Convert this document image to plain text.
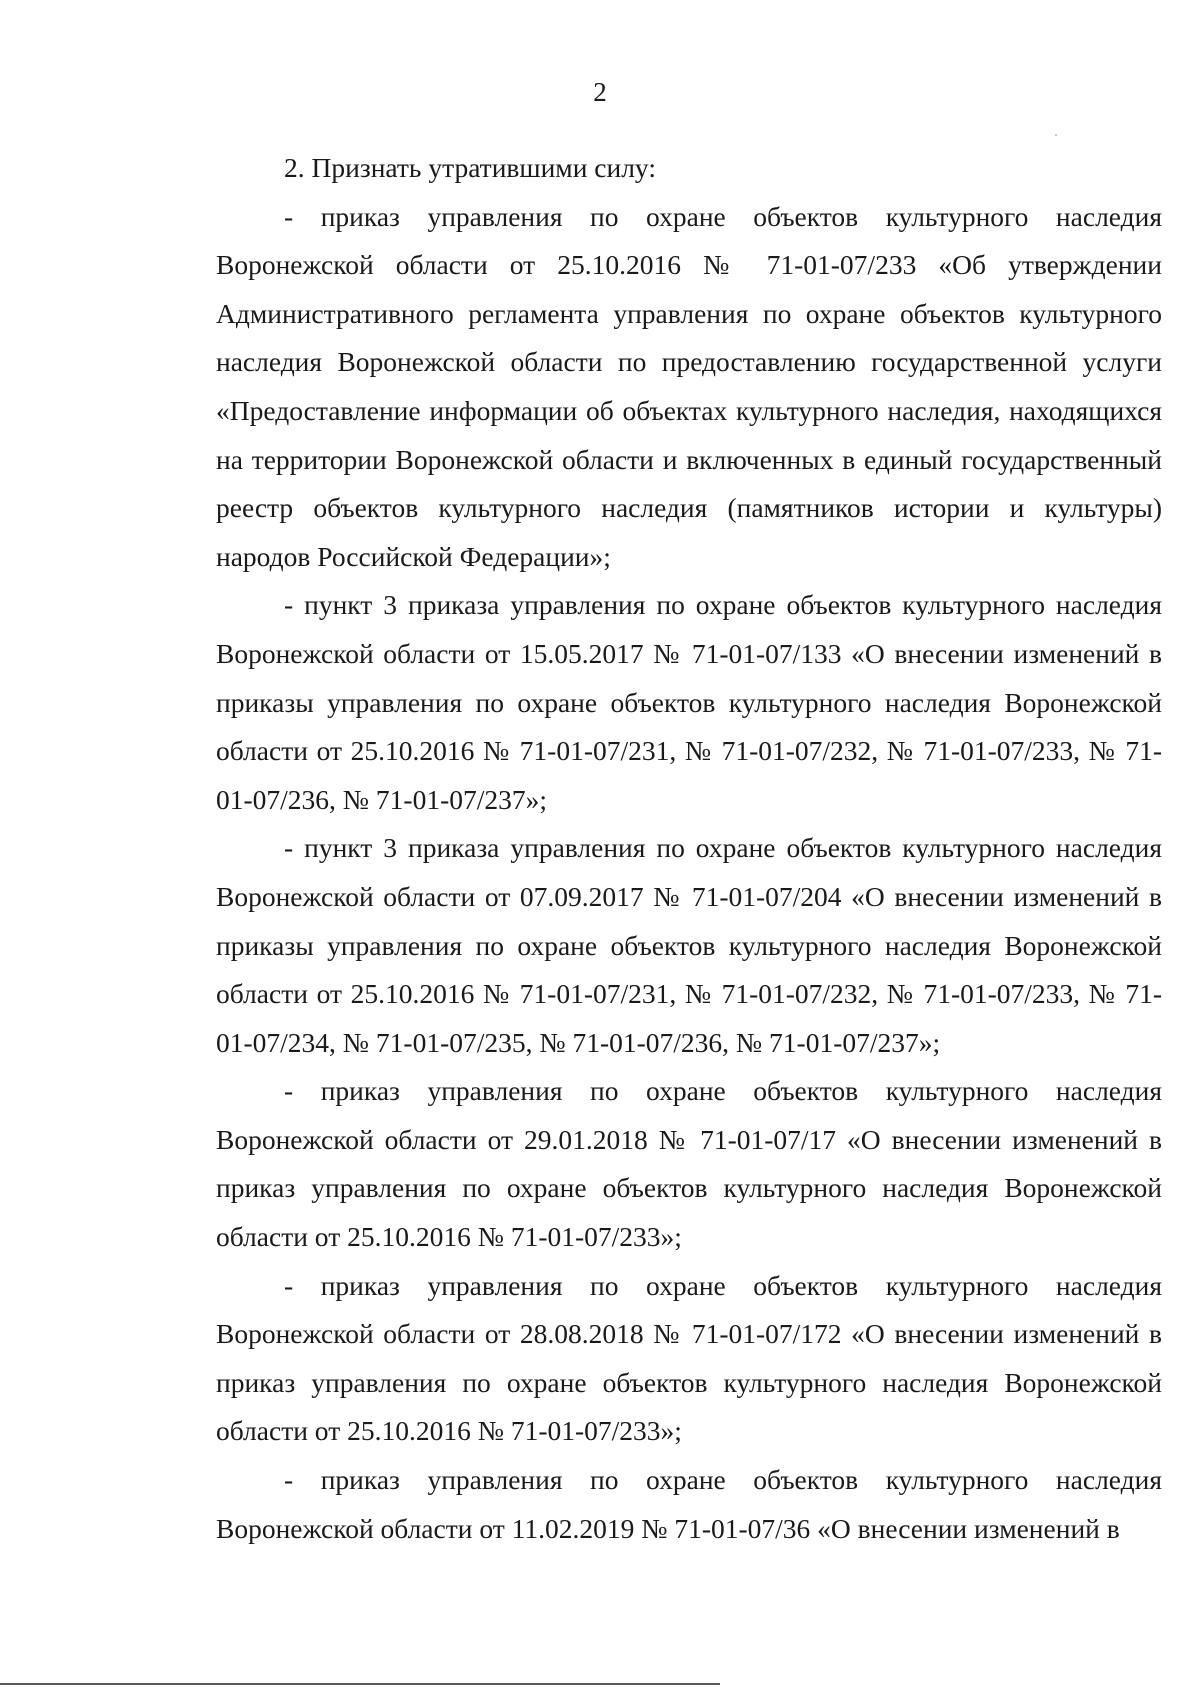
2

2. Признать утратившими силу:

- приказ управления по охране объектов культурного наследия Воронежской области от 25.10.2016 № 71-01-07/233 «Об утверждении Административного регламента управления по охране объектов культурного наследия Воронежской области по предоставлению государственной услуги «Предоставление информации об объектах культурного наследия, находящихся на территории Воронежской области и включенных в единый государственный реестр объектов культурного наследия (памятников истории и культуры) народов Российской Федерации»;

- пункт 3 приказа управления по охране объектов культурного наследия Воронежской области от 15.05.2017 № 71-01-07/133 «О внесении изменений в приказы управления по охране объектов культурного наследия Воронежской области от 25.10.2016 № 71-01-07/231, № 71-01-07/232, № 71-01-07/233, № 71-01-07/236, № 71-01-07/237»;

- пункт 3 приказа управления по охране объектов культурного наследия Воронежской области от 07.09.2017 № 71-01-07/204 «О внесении изменений в приказы управления по охране объектов культурного наследия Воронежской области от 25.10.2016 № 71-01-07/231, № 71-01-07/232, № 71-01-07/233, № 71-01-07/234, № 71-01-07/235, № 71-01-07/236, № 71-01-07/237»;

- приказ управления по охране объектов культурного наследия Воронежской области от 29.01.2018 № 71-01-07/17 «О внесении изменений в приказ управления по охране объектов культурного наследия Воронежской области от 25.10.2016 № 71-01-07/233»;

- приказ управления по охране объектов культурного наследия Воронежской области от 28.08.2018 № 71-01-07/172 «О внесении изменений в приказ управления по охране объектов культурного наследия Воронежской области от 25.10.2016 № 71-01-07/233»;

- приказ управления по охране объектов культурного наследия Воронежской области от 11.02.2019 № 71-01-07/36 «О внесении изменений в
